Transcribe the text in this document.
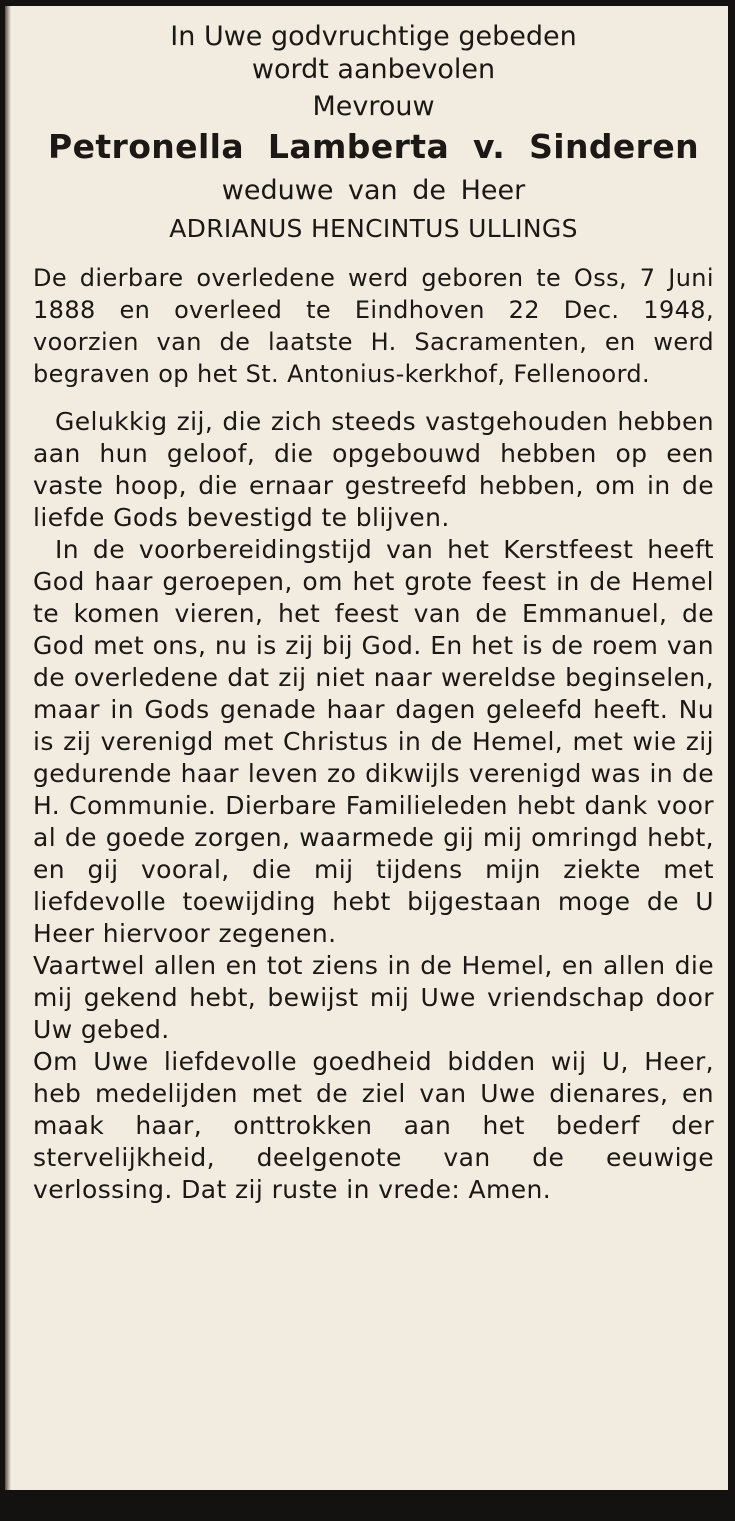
In Uwe godvruchtige gebeden
wordt aanbevolen
Mevrouw
Petronella Lamberta v. Sinderen
weduwe van de Heer
ADRIANUS HENCINTUS ULLINGS

De dierbare overledene werd geboren te Oss, 7 Juni 1888 en overleed te Eindhoven 22 Dec. 1948, voorzien van de laatste H. Sacramenten, en werd begraven op het St. Antonius-kerkhof, Fellenoord.

Gelukkig zij, die zich steeds vastgehouden hebben aan hun geloof, die opgebouwd hebben op een vaste hoop, die ernaar gestreefd hebben, om in de liefde Gods bevestigd te blijven.

In de voorbereidingstijd van het Kerstfeest heeft God haar geroepen, om het grote feest in de Hemel te komen vieren, het feest van de Emmanuel, de God met ons, nu is zij bij God. En het is de roem van de overledene dat zij niet naar wereldse beginselen, maar in Gods genade haar dagen geleefd heeft. Nu is zij verenigd met Christus in de Hemel, met wie zij gedurende haar leven zo dikwijls verenigd was in de H. Communie. Dierbare Familieleden hebt dank voor al de goede zorgen, waarmede gij mij omringd hebt, en gij vooral, die mij tijdens mijn ziekte met liefdevolle toewijding hebt bijgestaan moge de U Heer hiervoor zegenen.

Vaartwel allen en tot ziens in de Hemel, en allen die mij gekend hebt, bewijst mij Uwe vriendschap door Uw gebed.

Om Uwe liefdevolle goedheid bidden wij U, Heer, heb medelijden met de ziel van Uwe dienares, en maak haar, onttrokken aan het bederf der stervelijkheid, deelgenote van de eeuwige verlossing. Dat zij ruste in vrede: Amen.
